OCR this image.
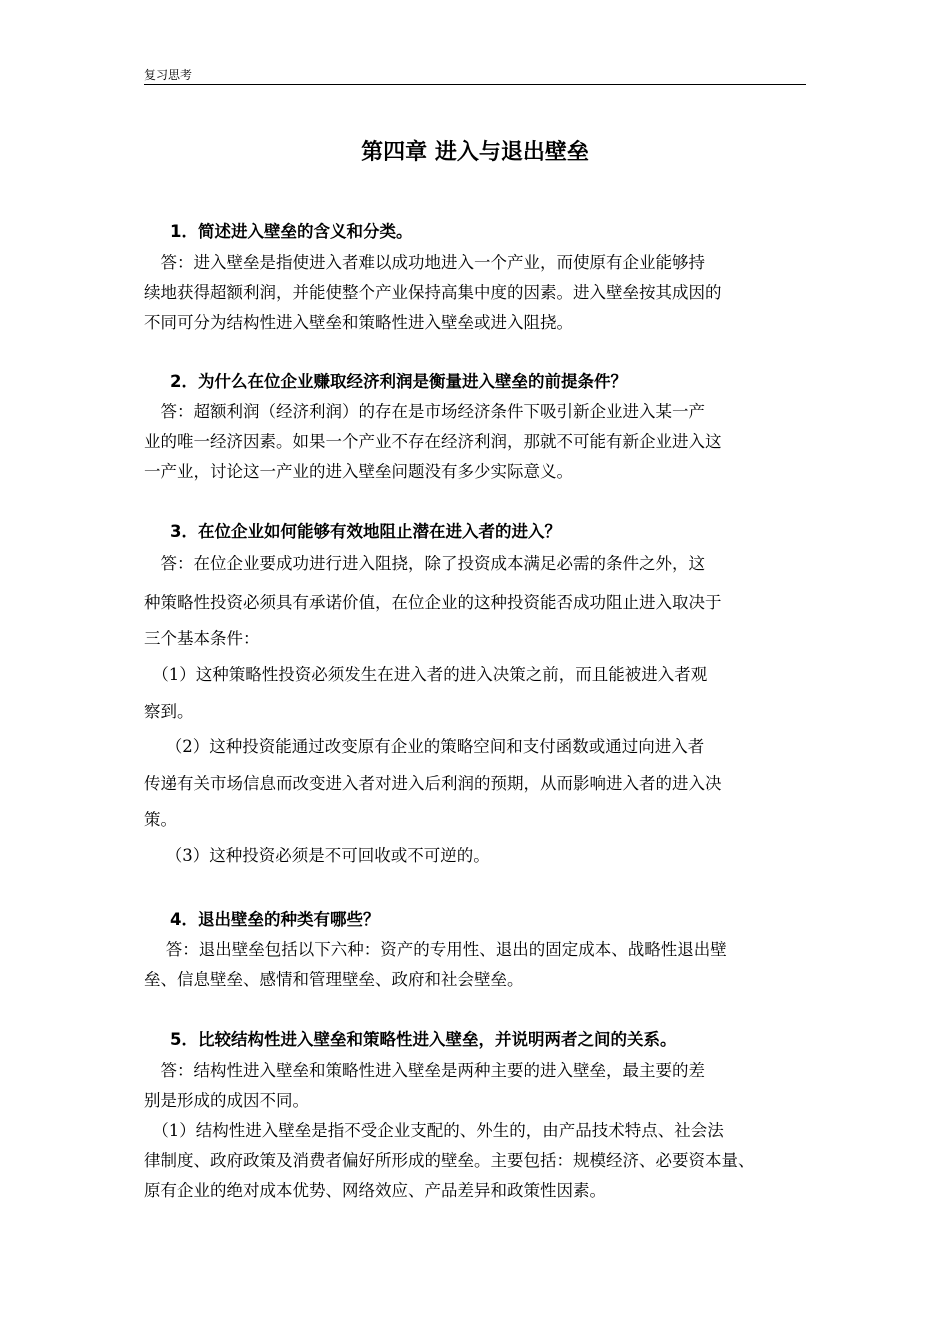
复习思考
第四章 进入与退出壁垒
1．简述进入壁垒的含义和分类。
　答：进入壁垒是指使进入者难以成功地进入一个产业，而使原有企业能够持
续地获得超额利润，并能使整个产业保持高集中度的因素。进入壁垒按其成因的
不同可分为结构性进入壁垒和策略性进入壁垒或进入阻挠。
2．为什么在位企业赚取经济利润是衡量进入壁垒的前提条件？
　答：超额利润（经济利润）的存在是市场经济条件下吸引新企业进入某一产
业的唯一经济因素。如果一个产业不存在经济利润，那就不可能有新企业进入这
一产业，讨论这一产业的进入壁垒问题没有多少实际意义。
3．在位企业如何能够有效地阻止潜在进入者的进入？
　答：在位企业要成功进行进入阻挠，除了投资成本满足必需的条件之外，这
种策略性投资必须具有承诺价值，在位企业的这种投资能否成功阻止进入取决于
三个基本条件：
　（1）这种策略性投资必须发生在进入者的进入决策之前，而且能被进入者观
察到。
　 （2）这种投资能通过改变原有企业的策略空间和支付函数或通过向进入者
传递有关市场信息而改变进入者对进入后利润的预期，从而影响进入者的进入决
策。
　 （3）这种投资必须是不可回收或不可逆的。
4．退出壁垒的种类有哪些？
　 答：退出壁垒包括以下六种：资产的专用性、退出的固定成本、战略性退出壁
垒、信息壁垒、感情和管理壁垒、政府和社会壁垒。
5．比较结构性进入壁垒和策略性进入壁垒，并说明两者之间的关系。
　答：结构性进入壁垒和策略性进入壁垒是两种主要的进入壁垒，最主要的差
别是形成的成因不同。
　（1）结构性进入壁垒是指不受企业支配的、外生的，由产品技术特点、社会法
律制度、政府政策及消费者偏好所形成的壁垒。主要包括：规模经济、必要资本量、
原有企业的绝对成本优势、网络效应、产品差异和政策性因素。
